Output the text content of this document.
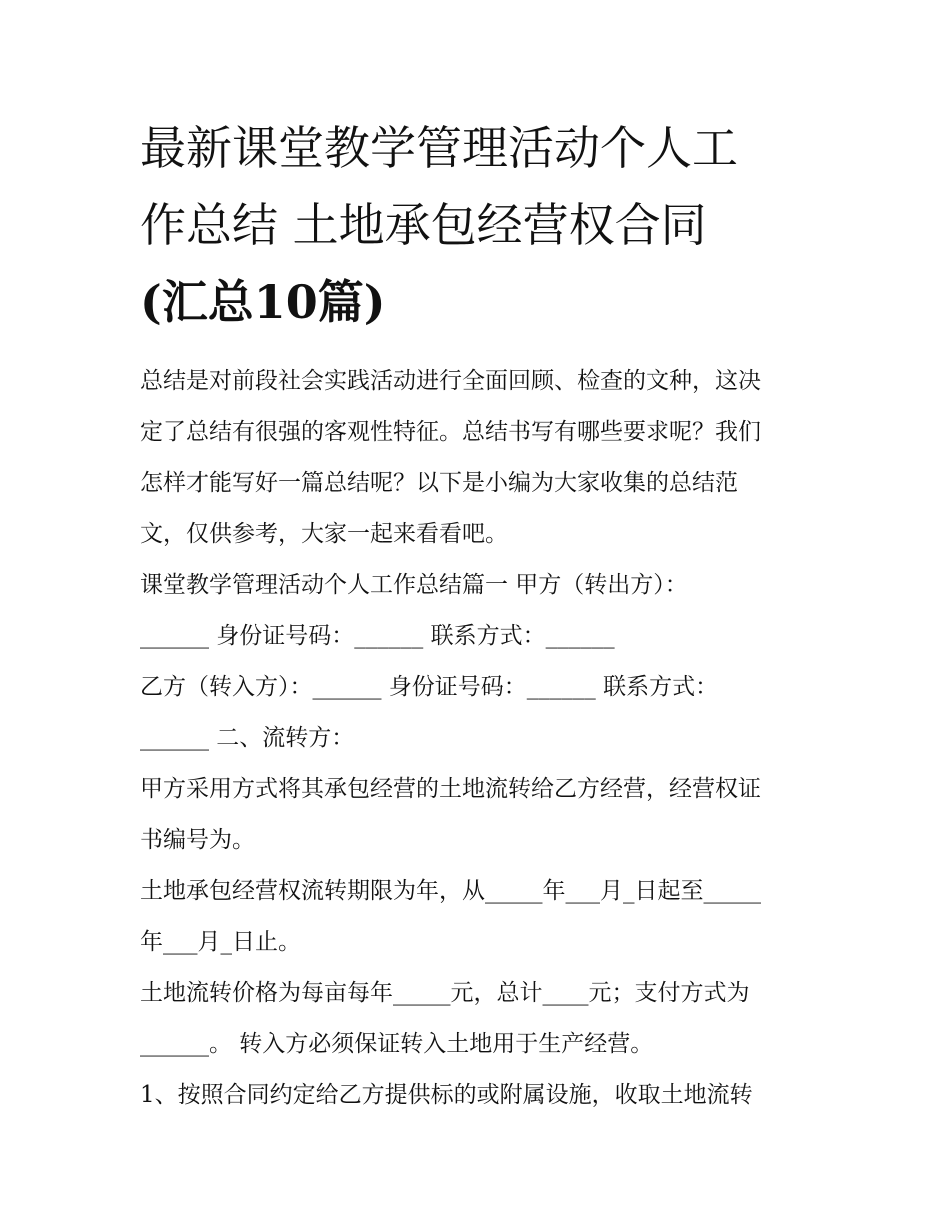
最新课堂教学管理活动个人工
作总结 土地承包经营权合同
(汇总10篇)
总结是对前段社会实践活动进行全面回顾、检查的文种，这决
定了总结有很强的客观性特征。总结书写有哪些要求呢？我们
怎样才能写好一篇总结呢？以下是小编为大家收集的总结范
文，仅供参考，大家一起来看看吧。
课堂教学管理活动个人工作总结篇一 甲方（转出方）：
______ 身份证号码：______ 联系方式：______
乙方（转入方）：______ 身份证号码：______ 联系方式：
______ 二、流转方：
甲方采用方式将其承包经营的土地流转给乙方经营，经营权证
书编号为。
土地承包经营权流转期限为年，从_____年___月_日起至_____
年___月_日止。
土地流转价格为每亩每年_____元，总计____元；支付方式为
______。 转入方必须保证转入土地用于生产经营。
1、按照合同约定给乙方提供标的或附属设施，收取土地流转
